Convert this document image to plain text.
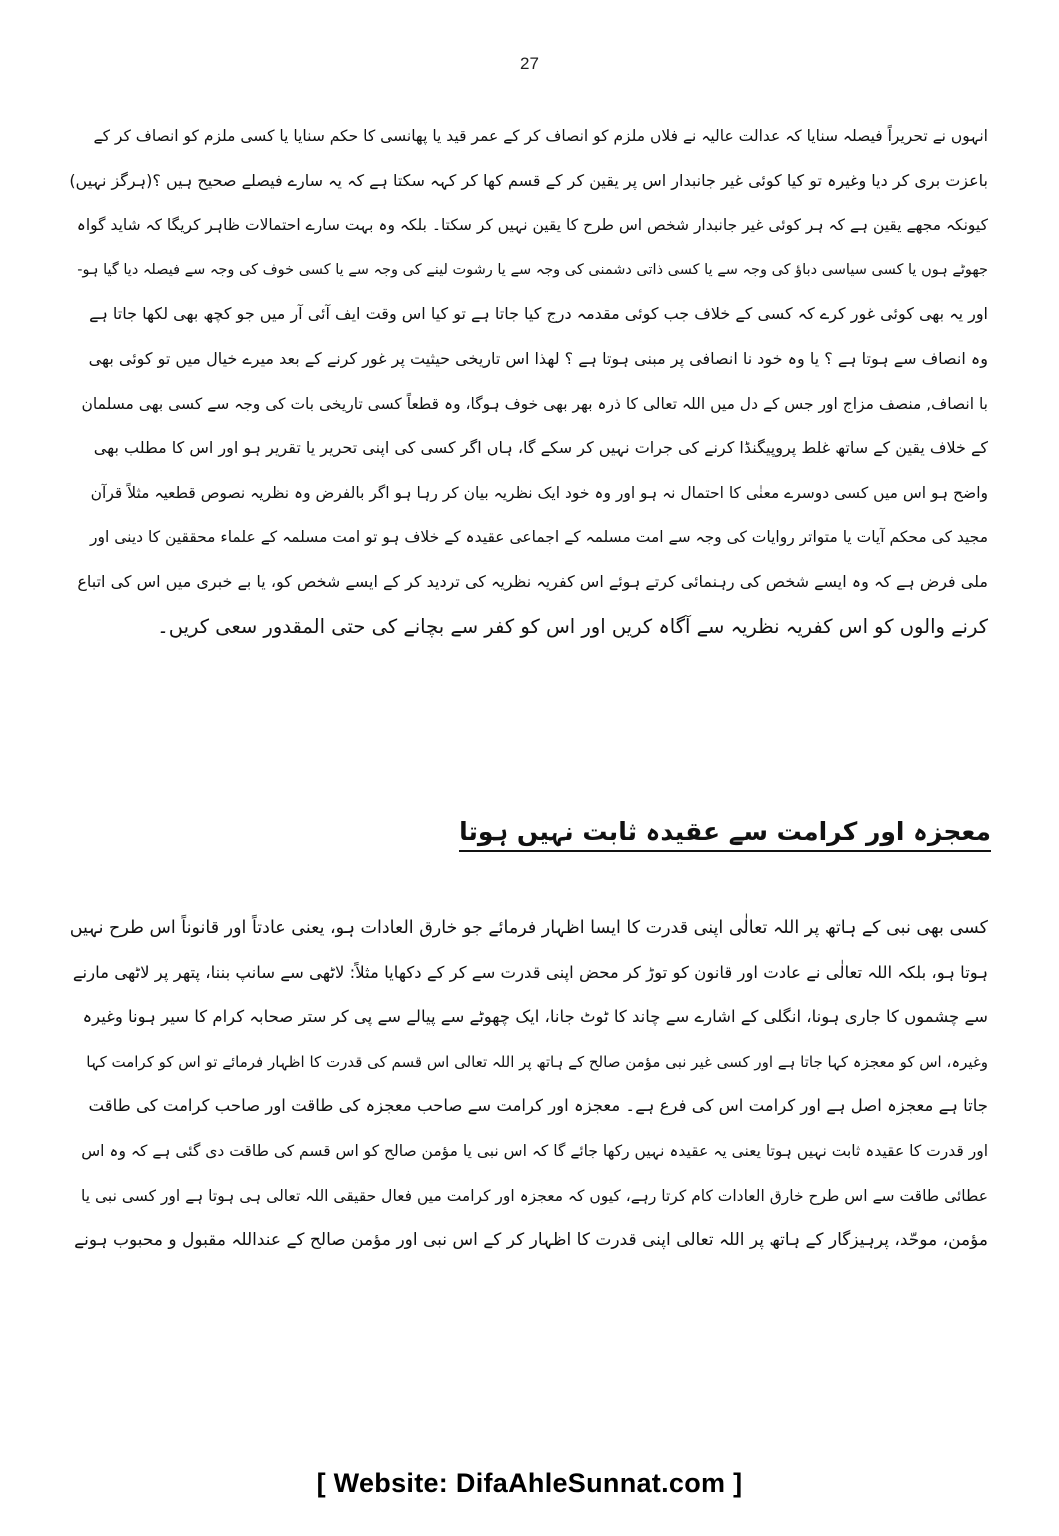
27
انہوں نے تحریراً فیصلہ سنایا کہ عدالت عالیہ نے فلاں ملزم کو انصاف کر کے عمر قید یا پھانسی کا حکم سنایا یا کسی ملزم کو انصاف کر کے
باعزت بری کر دیا وغیرہ تو کیا کوئی غیر جانبدار اس پر یقین کر کے قسم کھا کر کہہ سکتا ہے کہ یہ سارے فیصلے صحیح ہیں ؟(ہرگز نہیں)
کیونکہ مجھے یقین ہے کہ ہر کوئی غیر جانبدار شخص اس طرح کا یقین نہیں کر سکتا۔ بلکہ وہ بہت سارے احتمالات ظاہر کریگا کہ شاید گواہ
جھوٹے ہوں یا کسی سیاسی دباؤ کی وجہ سے یا کسی ذاتی دشمنی کی وجہ سے یا رشوت لینے کی وجہ سے یا کسی خوف کی وجہ سے فیصلہ دیا گیا ہو-
اور یہ بھی کوئی غور کرے کہ کسی کے خلاف جب کوئی مقدمہ درج کیا جاتا ہے تو کیا اس وقت ایف آئی آر میں جو کچھ بھی لکھا جاتا ہے
وہ انصاف سے ہوتا ہے ؟ یا وہ خود نا انصافی پر مبنی ہوتا ہے ؟ لھذا اس تاریخی حیثیت پر غور کرنے کے بعد میرے خیال میں تو کوئی بھی
با انصاف, منصف مزاج اور جس کے دل میں اللہ تعالی کا ذرہ بھر بھی خوف ہوگا، وہ قطعاً کسی تاریخی بات کی وجہ سے کسی بھی مسلمان
کے خلاف یقین کے ساتھ غلط پروپیگنڈا کرنے کی جرات نہیں کر سکے گا، ہاں اگر کسی کی اپنی تحریر یا تقریر ہو اور اس کا مطلب بھی
واضح ہو اس میں کسی دوسرے معنٰی کا احتمال نہ ہو اور وہ خود ایک نظریہ بیان کر رہا ہو اگر بالفرض وہ نظریہ نصوص قطعیہ مثلاً قرآن
مجید کی محکم آیات یا متواتر روایات کی وجہ سے امت مسلمہ کے اجماعی عقیدہ کے خلاف ہو تو امت مسلمہ کے علماء محققین کا دینی اور
ملی فرض ہے کہ وہ ایسے شخص کی رہنمائی کرتے ہوئے اس کفریہ نظریہ کی تردید کر کے ایسے شخص کو، یا بے خبری میں اس کی اتباع
کرنے والوں کو اس کفریہ نظریہ سے آگاہ کریں اور اس کو کفر سے بچانے کی حتی المقدور سعی کریں۔
معجزہ اور کرامت سے عقیدہ ثابت نہیں ہوتا
کسی بھی نبی کے ہاتھ پر اللہ تعالٰی اپنی قدرت کا ایسا اظہار فرمائے جو خارق العادات ہو، یعنی عادتاً اور قانوناً اس طرح نہیں
ہوتا ہو، بلکہ اللہ تعالٰی نے عادت اور قانون کو توڑ کر محض اپنی قدرت سے کر کے دکھایا مثلاً: لاٹھی سے سانپ بننا، پتھر پر لاٹھی مارنے
سے چشموں کا جاری ہونا، انگلی کے اشارے سے چاند کا ٹوٹ جانا، ایک چھوٹے سے پیالے سے پی کر ستر صحابہ کرام کا سیر ہونا وغیرہ
وغیرہ، اس کو معجزہ کہا جاتا ہے اور کسی غیر نبی مؤمن صالح کے ہاتھ پر اللہ تعالی اس قسم کی قدرت کا اظہار فرمائے تو اس کو کرامت کہا
جاتا ہے معجزہ اصل ہے اور کرامت اس کی فرع ہے۔ معجزہ اور کرامت سے صاحب معجزہ کی طاقت اور صاحب کرامت کی طاقت
اور قدرت کا عقیدہ ثابت نہیں ہوتا یعنی یہ عقیدہ نہیں رکھا جائے گا کہ اس نبی یا مؤمن صالح کو اس قسم کی طاقت دی گئی ہے کہ وہ اس
عطائی طاقت سے اس طرح خارق العادات کام کرتا رہے، کیوں کہ معجزہ اور کرامت میں فعال حقیقی اللہ تعالی ہی ہوتا ہے اور کسی نبی یا
مؤمن، موحّد، پرہیزگار کے ہاتھ پر اللہ تعالی اپنی قدرت کا اظہار کر کے اس نبی اور مؤمن صالح کے عنداللہ مقبول و محبوب ہونے
[ Website: DifaAhleSunnat.com ]
